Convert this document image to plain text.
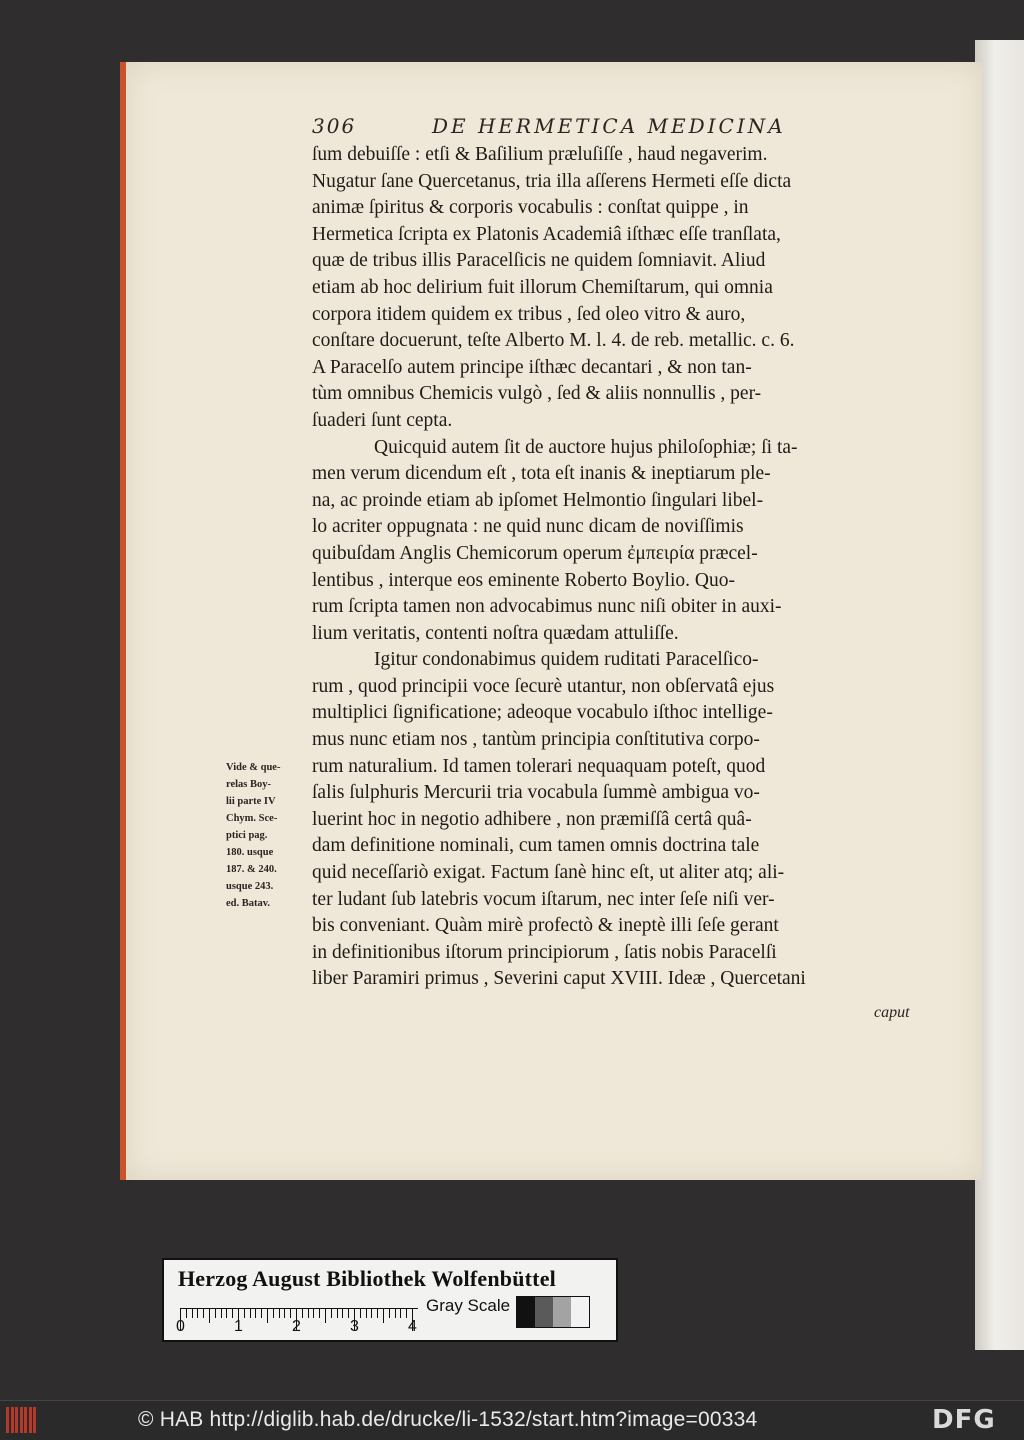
306	DE HERMETICA MEDICINA
ſum debuiſſe : etſi & Baſilium præluſiſſe , haud negaverim.
Nugatur ſane Quercetanus, tria illa aſſerens Hermeti eſſe dicta
animæ ſpiritus & corporis vocabulis : conſtat quippe , in
Hermetica ſcripta ex Platonis Academiâ iſthæc eſſe tranſlata,
quæ de tribus illis Paracelſicis ne quidem ſomniavit. Aliud
etiam ab hoc delirium fuit illorum Chemiſtarum, qui omnia
corpora itidem quidem ex tribus , ſed oleo vitro & auro,
conſtare docuerunt, teſte Alberto M. l. 4. de reb. metallic. c. 6.
A Paracelſo autem principe iſthæc decantari , & non tan-
tùm omnibus Chemicis vulgò , ſed & aliis nonnullis , per-
ſuaderi ſunt cepta.
Quicquid autem ſit de auctore hujus philoſophiæ; ſi ta-
men verum dicendum eſt , tota eſt inanis & ineptiarum ple-
na, ac proinde etiam ab ipſomet Helmontio ſingulari libel-
lo acriter oppugnata : ne quid nunc dicam de noviſſimis
quibuſdam Anglis Chemicorum operum ἐμπειρία præcel-
lentibus , interque eos eminente Roberto Boylio. Quo-
rum ſcripta tamen non advocabimus nunc niſi obiter in auxi-
lium veritatis, contenti noſtra quædam attuliſſe.
Igitur condonabimus quidem ruditati Paracelſico-
rum , quod principii voce ſecurè utantur, non obſervatâ ejus
multiplici ſignificatione; adeoque vocabulo iſthoc intellige-
mus nunc etiam nos , tantùm principia conſtitutiva corpo-
rum naturalium. Id tamen tolerari nequaquam poteſt, quod
ſalis ſulphuris Mercurii tria vocabula ſummè ambigua vo-
luerint hoc in negotio adhibere , non præmiſſâ certâ quâ-
dam definitione nominali, cum tamen omnis doctrina tale
quid neceſſariò exigat. Factum ſanè hinc eſt, ut aliter atq; ali-
ter ludant ſub latebris vocum iſtarum, nec inter ſeſe niſi ver-
bis conveniant. Quàm mirè profectò & ineptè illi ſeſe gerant
in definitionibus iſtorum principiorum , ſatis nobis Paracelſi
liber Paramiri primus , Severini caput XVIII. Ideæ , Quercetani
Vide & que-
relas Boy-
lii parte IV
Chym. Sce-
ptici pag.
180. usque
187. & 240.
usque 243.
ed. Batav.
caput
Herzog August Bibliothek Wolfenbüttel
Gray Scale
0	1	2	3	4
© HAB http://diglib.hab.de/drucke/li-1532/start.htm?image=00334	DFG
